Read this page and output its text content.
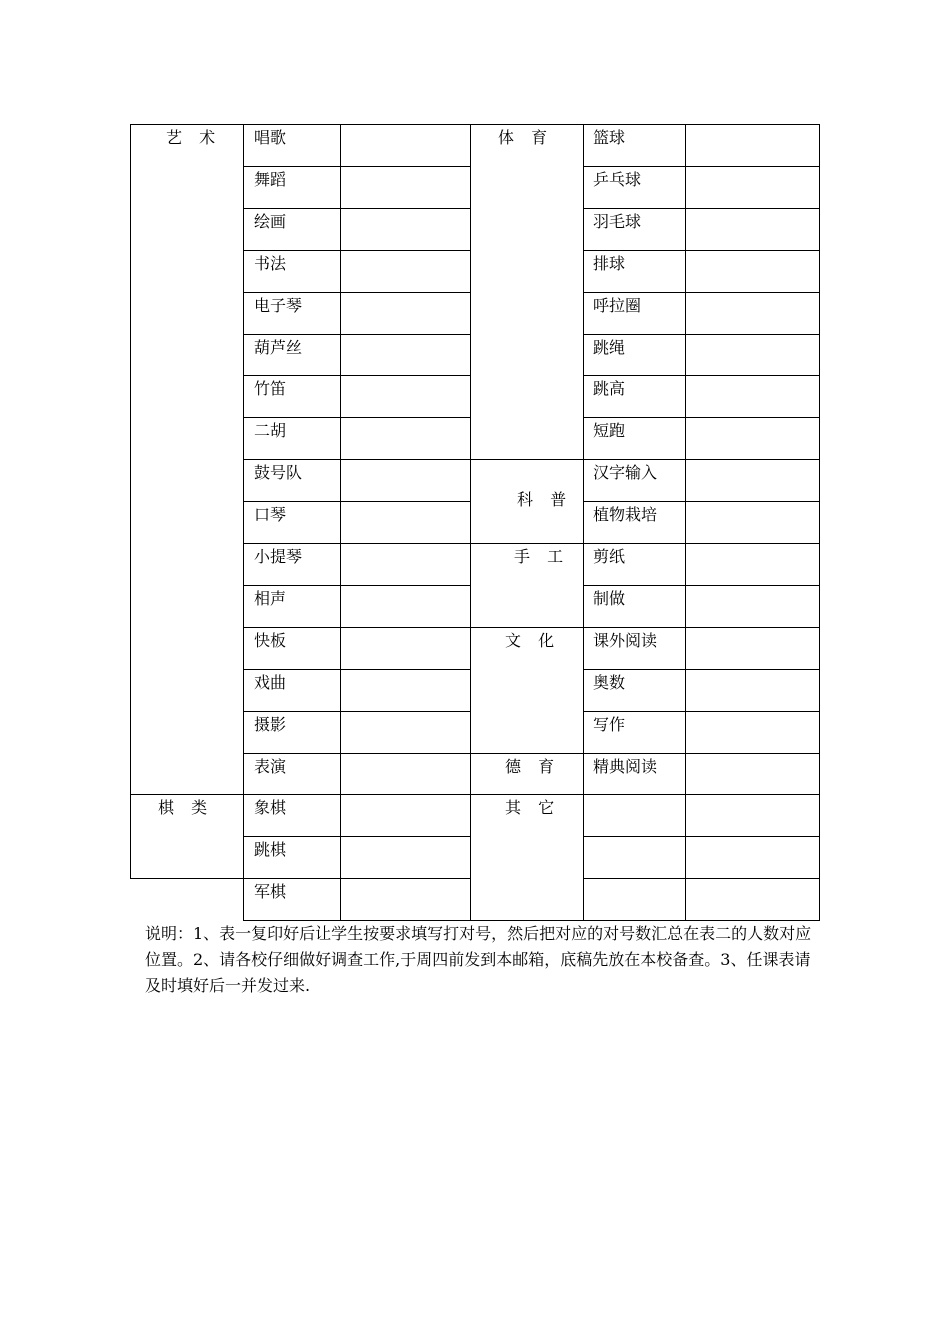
艺 术
棋 类
唱歌
舞蹈
绘画
书法
电子琴
葫芦丝
竹笛
二胡
鼓号队
口琴
小提琴
相声
快板
戏曲
摄影
表演
象棋
跳棋
军棋
体 育
科 普
手 工
文 化
德 育
其 它
篮球
乒乓球
羽毛球
排球
呼拉圈
跳绳
跳高
短跑
汉字输入
植物栽培
剪纸
制做
课外阅读
奥数
写作
精典阅读
说明：1、表一复印好后让学生按要求填写打对号，然后把对应的对号数汇总在表二的人数对应位置。2、请各校仔细做好调查工作,于周四前发到本邮箱，底稿先放在本校备查。3、任课表请及时填好后一并发过来.
